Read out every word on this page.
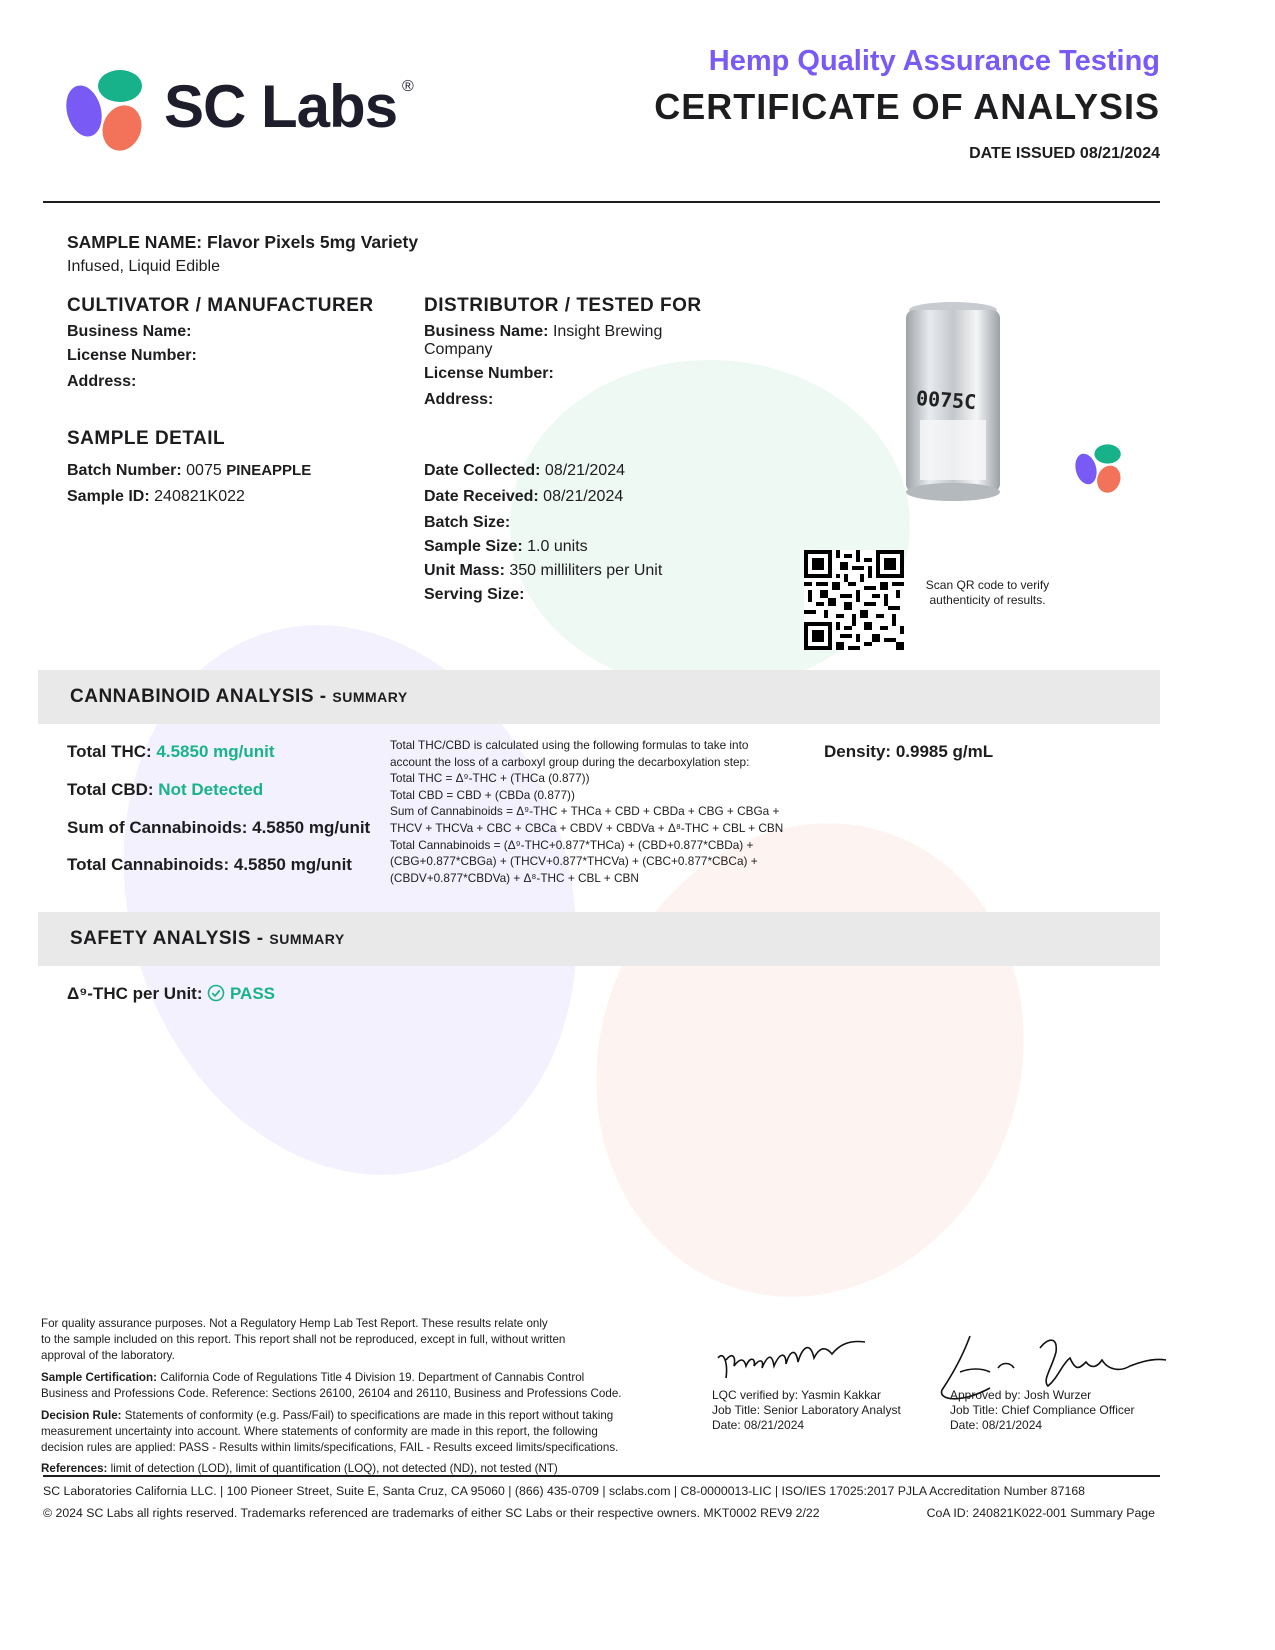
SC Labs ®
Hemp Quality Assurance Testing
CERTIFICATE OF ANALYSIS
DATE ISSUED 08/21/2024
SAMPLE NAME: Flavor Pixels 5mg Variety
Infused, Liquid Edible
CULTIVATOR / MANUFACTURER
Business Name:
License Number:
Address:
DISTRIBUTOR / TESTED FOR
Business Name: Insight Brewing
Company
License Number:
Address:
SAMPLE DETAIL
Batch Number: 0075 PINEAPPLE
Sample ID: 240821K022
Date Collected: 08/21/2024
Date Received: 08/21/2024
Batch Size:
Sample Size: 1.0 units
Unit Mass: 350 milliliters per Unit
Serving Size:
0075C
Scan QR code to verify
authenticity of results.
CANNABINOID ANALYSIS - SUMMARY
Total THC: 4.5850 mg/unit
Total CBD: Not Detected
Sum of Cannabinoids: 4.5850 mg/unit
Total Cannabinoids: 4.5850 mg/unit
Total THC/CBD is calculated using the following formulas to take into
account the loss of a carboxyl group during the decarboxylation step:
Total THC = Δ⁹-THC + (THCa (0.877))
Total CBD = CBD + (CBDa (0.877))
Sum of Cannabinoids = Δ⁹-THC + THCa + CBD + CBDa + CBG + CBGa +
THCV + THCVa + CBC + CBCa + CBDV + CBDVa + Δ⁸-THC + CBL + CBN
Total Cannabinoids = (Δ⁹-THC+0.877*THCa) + (CBD+0.877*CBDa) +
(CBG+0.877*CBGa) + (THCV+0.877*THCVa) + (CBC+0.877*CBCa) +
(CBDV+0.877*CBDVa) + Δ⁸-THC + CBL + CBN
Density: 0.9985 g/mL
SAFETY ANALYSIS - SUMMARY
Δ⁹-THC per Unit: PASS
For quality assurance purposes. Not a Regulatory Hemp Lab Test Report. These results relate only
to the sample included on this report. This report shall not be reproduced, except in full, without written
approval of the laboratory.
Sample Certification: California Code of Regulations Title 4 Division 19. Department of Cannabis Control
Business and Professions Code. Reference: Sections 26100, 26104 and 26110, Business and Professions Code.
Decision Rule: Statements of conformity (e.g. Pass/Fail) to specifications are made in this report without taking
measurement uncertainty into account. Where statements of conformity are made in this report, the following
decision rules are applied: PASS - Results within limits/specifications, FAIL - Results exceed limits/specifications.
References: limit of detection (LOD), limit of quantification (LOQ), not detected (ND), not tested (NT)
LQC verified by: Yasmin Kakkar
Job Title: Senior Laboratory Analyst
Date: 08/21/2024
Approved by: Josh Wurzer
Job Title: Chief Compliance Officer
Date: 08/21/2024
SC Laboratories California LLC. | 100 Pioneer Street, Suite E, Santa Cruz, CA 95060 | (866) 435-0709 | sclabs.com | C8-0000013-LIC | ISO/IES 17025:2017 PJLA Accreditation Number 87168
© 2024 SC Labs all rights reserved. Trademarks referenced are trademarks of either SC Labs or their respective owners. MKT0002 REV9 2/22	CoA ID: 240821K022-001 Summary Page
